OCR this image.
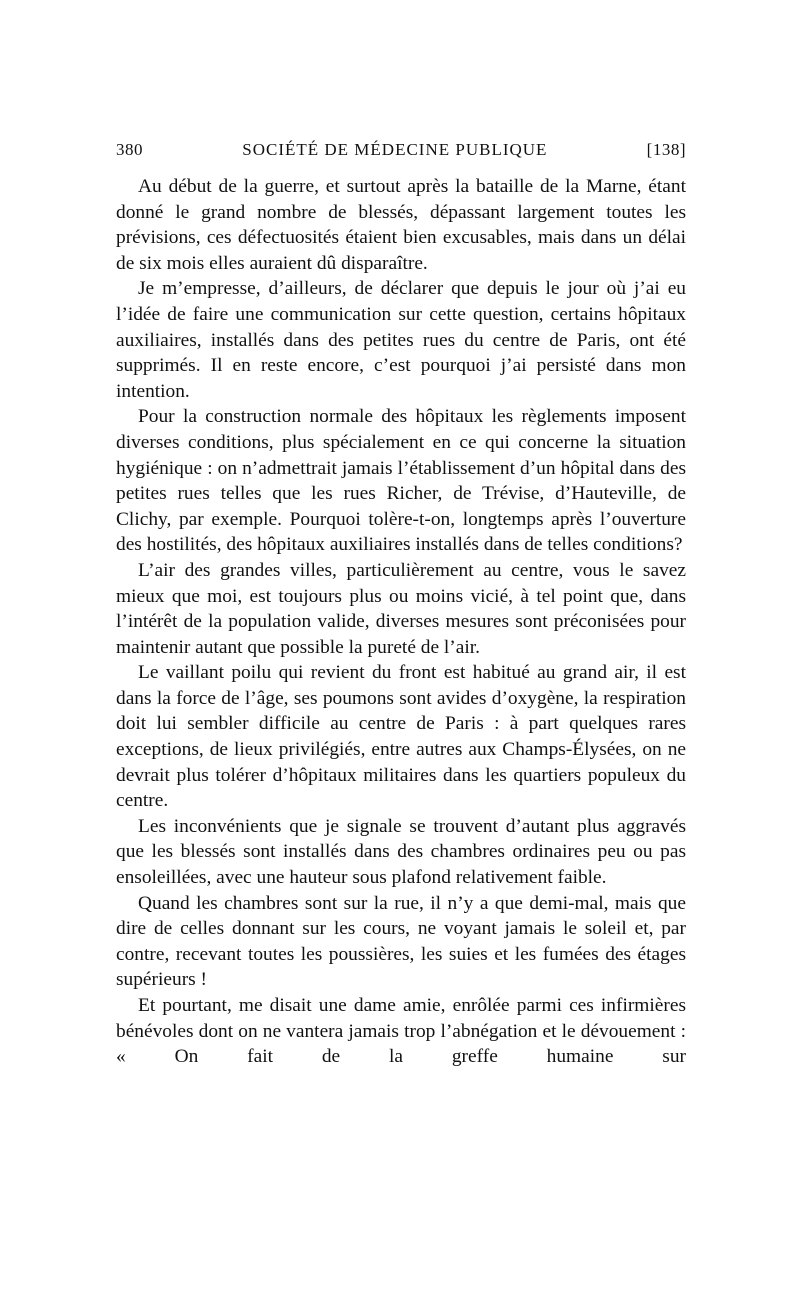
380	SOCIÉTÉ DE MÉDECINE PUBLIQUE	[138]

Au début de la guerre, et surtout après la bataille de la Marne, étant donné le grand nombre de blessés, dépassant largement toutes les prévisions, ces défectuosités étaient bien excusables, mais dans un délai de six mois elles auraient dû disparaître.

Je m’empresse, d’ailleurs, de déclarer que depuis le jour où j’ai eu l’idée de faire une communication sur cette question, certains hôpitaux auxiliaires, installés dans des petites rues du centre de Paris, ont été supprimés. Il en reste encore, c’est pourquoi j’ai persisté dans mon intention.

Pour la construction normale des hôpitaux les règlements imposent diverses conditions, plus spécialement en ce qui concerne la situation hygiénique : on n’admettrait jamais l’établissement d’un hôpital dans des petites rues telles que les rues Richer, de Trévise, d’Hauteville, de Clichy, par exemple. Pourquoi tolère-t-on, longtemps après l’ouverture des hostilités, des hôpitaux auxiliaires installés dans de telles conditions?

L’air des grandes villes, particulièrement au centre, vous le savez mieux que moi, est toujours plus ou moins vicié, à tel point que, dans l’intérêt de la population valide, diverses mesures sont préconisées pour maintenir autant que possible la pureté de l’air.

Le vaillant poilu qui revient du front est habitué au grand air, il est dans la force de l’âge, ses poumons sont avides d’oxygène, la respiration doit lui sembler difficile au centre de Paris : à part quelques rares exceptions, de lieux privilégiés, entre autres aux Champs-Élysées, on ne devrait plus tolérer d’hôpitaux militaires dans les quartiers populeux du centre.

Les inconvénients que je signale se trouvent d’autant plus aggravés que les blessés sont installés dans des chambres ordinaires peu ou pas ensoleillées, avec une hauteur sous plafond relativement faible.

Quand les chambres sont sur la rue, il n’y a que demi-mal, mais que dire de celles donnant sur les cours, ne voyant jamais le soleil et, par contre, recevant toutes les poussières, les suies et les fumées des étages supérieurs !

Et pourtant, me disait une dame amie, enrôlée parmi ces infirmières bénévoles dont on ne vantera jamais trop l’abnégation et le dévouement : « On fait de la greffe humaine sur
